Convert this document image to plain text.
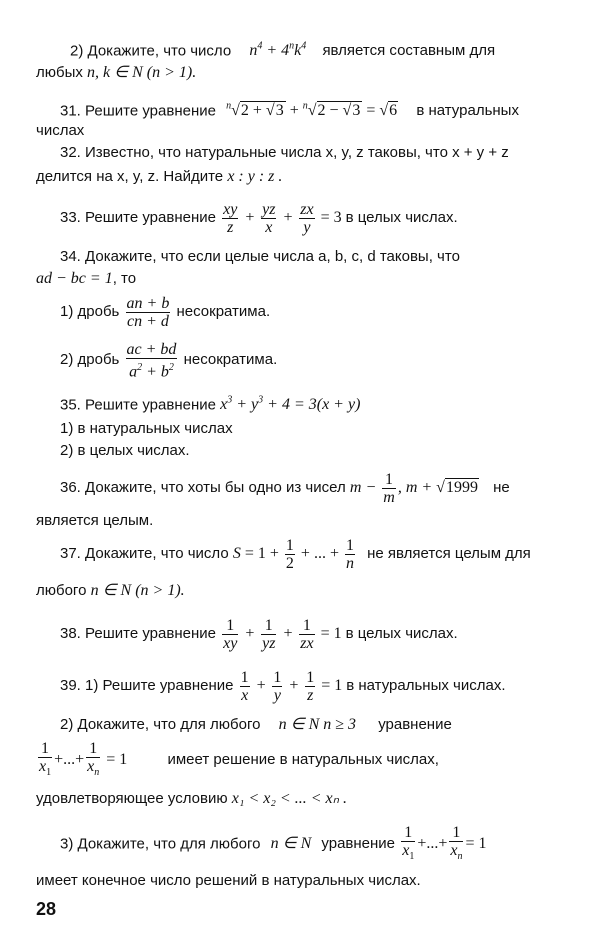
2) Докажите, что число $n^4 + 4^nk^4$ является составным для
любых n, k ∈ N (n > 1).
31. Решите уравнение $^n$√2 + √3 + $^n$√2 − √3 = √6 в натуральных
числах
32. Известно, что натуральные числа x, y, z таковы, что x + y + z
делится на x, y, z. Найдите x : y : z .
33. Решите уравнение $\frac{xy}{z} + \frac{yz}{x} + \frac{zx}{y} = 3$ в целых числах.
34. Докажите, что если целые числа a, b, c, d таковы, что
ad − bc = 1, то
1) дробь $\frac{an + b}{cn + d}$ несократима.
2) дробь $\frac{ac + bd}{a^2 + b^2}$ несократима.
35. Решите уравнение $x^3 + y^3 + 4 = 3(x + y)$
1) в натуральных числах
2) в целых числах.
36. Докажите, что хоты бы одно из чисел $m - \frac{1}{m}$ , m + √1999 не
является целым.
37. Докажите, что число $S = 1 + \frac{1}{2}$ + ... + $\frac{1}{n}$ не является целым для
любого n ∈ N (n > 1).
38. Решите уравнение $\frac{1}{xy} + \frac{1}{yz} + \frac{1}{zx} = 1$ в целых числах.
39. 1) Решите уравнение $\frac{1}{x} + \frac{1}{y} + \frac{1}{z} = 1$ в натуральных числах.
2) Докажите, что для любого n ∈ N n ≥ 3 уравнение
$\frac{1}{x_1}$ +...+ $\frac{1}{x_n} = 1$	имеет решение в натуральных числах,
удовлетворяющее условию x₁ < x₂ < ... < xₙ .
3) Докажите, что для любого n ∈ N уравнение $\frac{1}{x_1}$ +...+ $\frac{1}{x_n} = 1$
имеет конечное число решений в натуральных числах.
28
